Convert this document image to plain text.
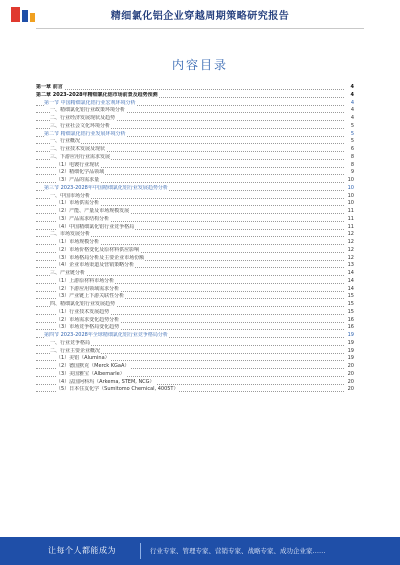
精细氯化铝企业穿越周期策略研究报告
内容目录
第一章 前言	4
第二章 2023-2028年精细氯化铝市场前景及趋势预测	4
第一节 中国精细氯化铝行业宏观环境分析	4
一、精细氯化铝行业政策环境分析	4
二、行业经济发展现状及趋势	4
三、行业社会文化环境分析	5
第二节 精细氯化铝行业发展环境分析	5
一、行业概况	5
二、行业技术发展及现状	6
三、下游应用行业需求发展	8
（1）电镀行业现状	8
（2）精细化学品领域	9
（3）产品的需求量	10
第三节 2023-2028年中国精细氯化铝行业发展趋势分析	10
一、中国市场分析	10
（1）市场供需分析	10
（2）产能、产量及市场规模发展	11
（3）产品需求结构分析	11
（4）中国精细氯化铝行业竞争格局	11
二、市场发展分析	12
（1）市场规模分析	12
（2）市场价格变化及原材料供应影响	12
（3）市场格局分析及主要企业市场份额	12
（4）企业市场渠道及营销策略分析	13
三、产业链分析	14
（1）上游原材料市场分析	14
（2）下游应用领域需求分析	14
（3）产业链上下游关联性分析	15
四、精细氯化铝行业发展趋势	15
（1）行业技术发展趋势	15
（2）市场需求变化趋势分析	16
（3）市场竞争格局变化趋势	16
第四节 2023-2028年全球精细氯化铝行业竞争格局分析	19
一、行业竞争格局	19
二、行业主要企业概况	19
（1）美铝（Alumina）	19
（2）德国默克（Merck KGaA）	20
（3）美国雅宝（Albemarle）	20
（4）法国阿科玛（Arkema, STEM, NCG）	20
（5）日本住友化学（Sumitomo Chemical, 4005T）	20
让每个人都能成为	行业专家、管理专家、营销专家、战略专家、成功企业家……
